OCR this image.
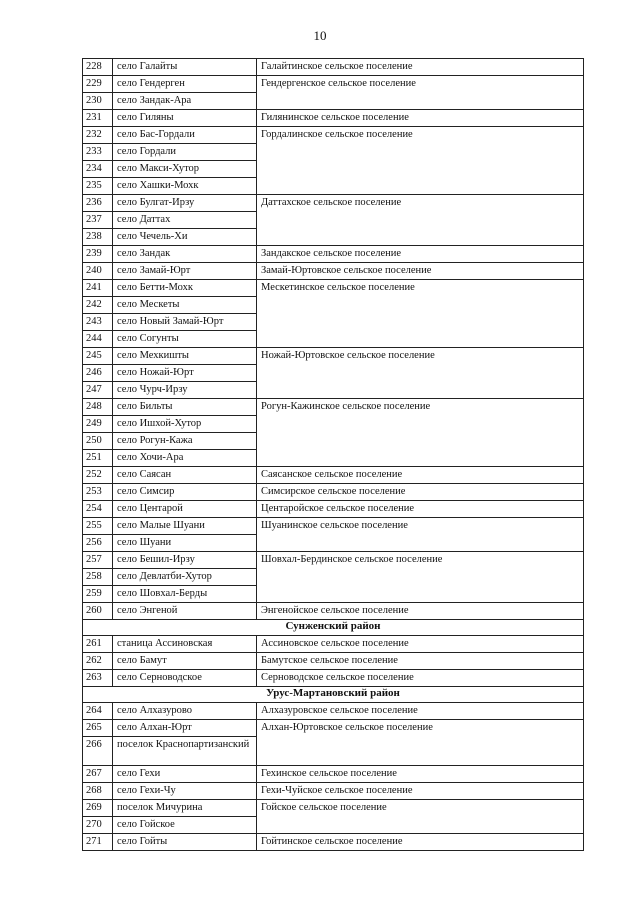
10
228	село Галайты	Галайтинское сельское поселение
229	село Гендерген	Гендергенское сельское поселение
230	село Зандак-Ара	
231	село Гиляны	Гилянинское сельское поселение
232	село Бас-Гордали	Гордалинское сельское поселение
233	село Гордали	
234	село Макси-Хутор	
235	село Хашки-Мохк	
236	село Булгат-Ирзу	Даттахское сельское поселение
237	село Даттах	
238	село Чечель-Хи	
239	село Зандак	Зандакское сельское поселение
240	село Замай-Юрт	Замай-Юртовское сельское поселение
241	село Бетти-Мохк	Мескетинское сельское поселение
242	село Мескеты	
243	село Новый Замай-Юрт	
244	село Согунты	
245	село Мехкишты	Ножай-Юртовское сельское поселение
246	село Ножай-Юрт	
247	село Чурч-Ирзу	
248	село Бильты	Рогун-Кажинское сельское поселение
249	село Ишхой-Хутор	
250	село Рогун-Кажа	
251	село Хочи-Ара	
252	село Саясан	Саясанское сельское поселение
253	село Симсир	Симсирское сельское поселение
254	село Центарой	Центаройское сельское поселение
255	село Малые Шуани	Шуанинское сельское поселение
256	село Шуани	
257	село Бешил-Ирзу	Шовхал-Бердинское сельское поселение
258	село Девлатби-Хутор	
259	село Шовхал-Берды	
260	село Энгеной	Энгенойское сельское поселение
Сунженский район		
261	станица Ассиновская	Ассиновское сельское поселение
262	село Бамут	Бамутское сельское поселение
263	село Серноводское	Серноводское сельское поселение
Урус-Мартановский район		
264	село Алхазурово	Алхазуровское сельское поселение
265	село Алхан-Юрт	Алхан-Юртовское сельское поселение
266	поселок Краснопартизанский	
267	село Гехи	Гехинское сельское поселение
268	село Гехи-Чу	Гехи-Чуйское сельское поселение
269	поселок Мичурина	Гойское сельское поселение
270	село Гойское	
271	село Гойты	Гойтинское сельское поселение
